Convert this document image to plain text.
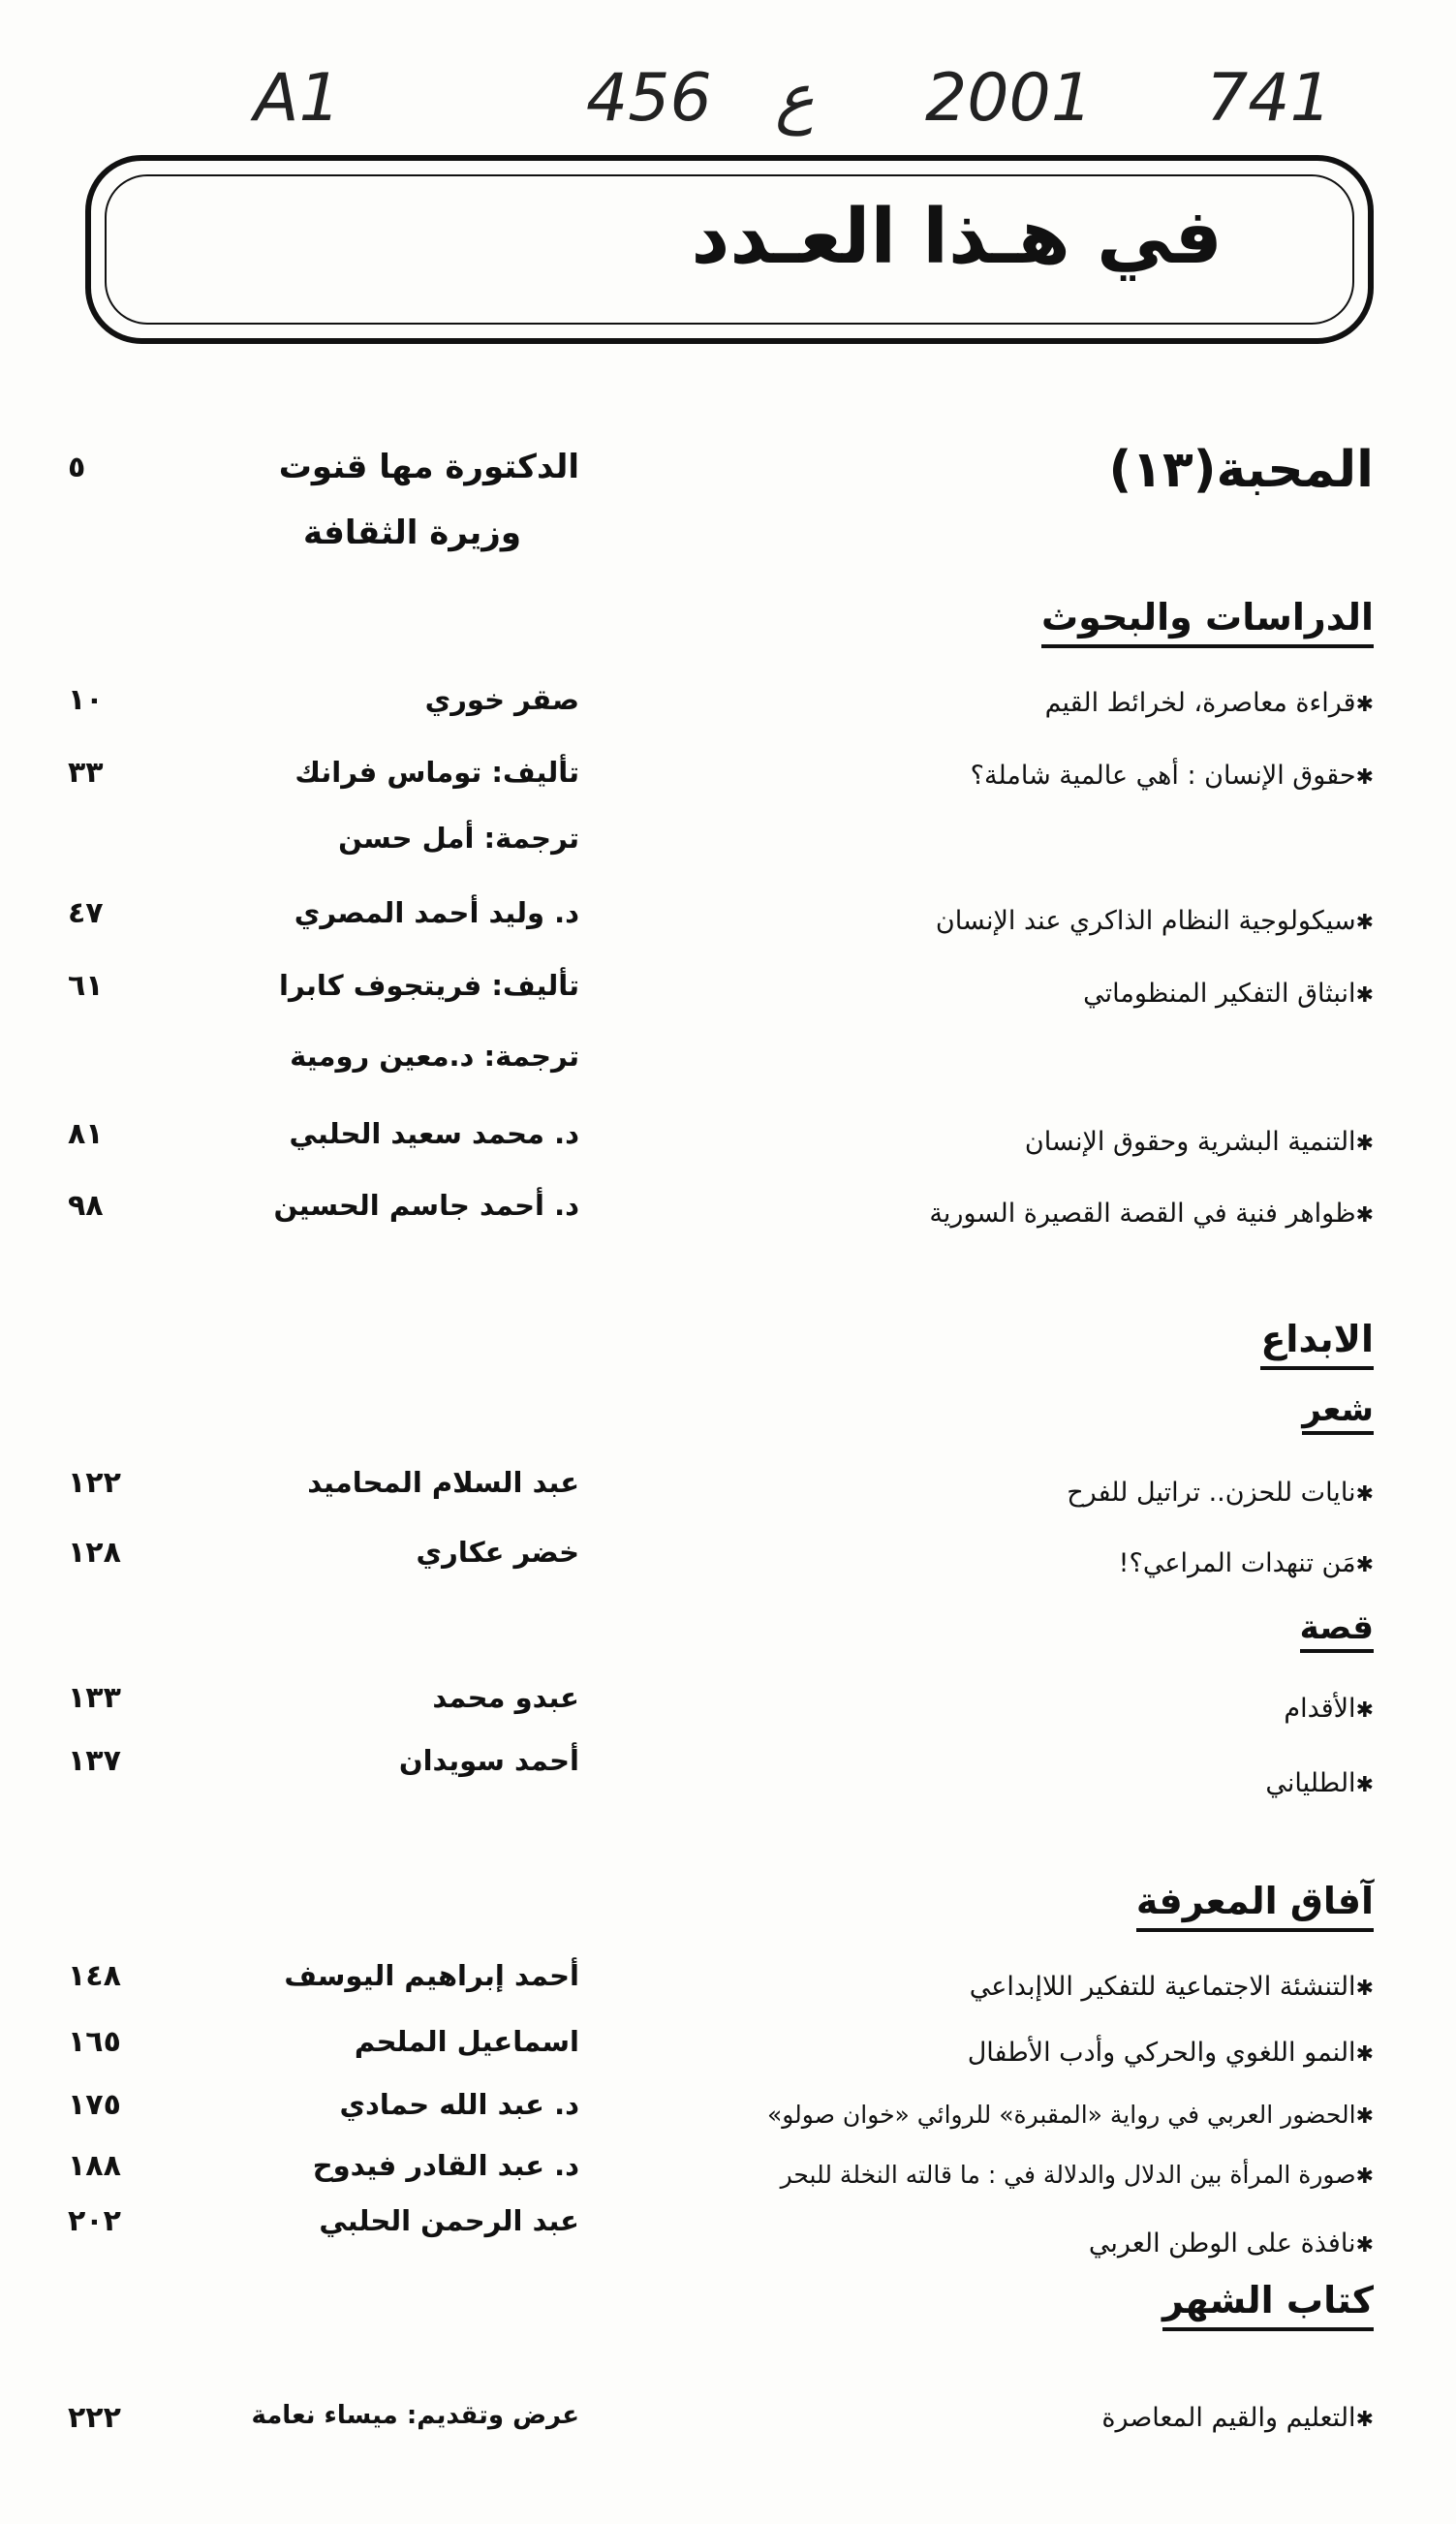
A1	456 ع 2001 741
في هـذا العـدد
المحبة(١٣)
الدكتورة مها قنوت
وزيرة الثقافة
٥
الدراسات والبحوث
✱ قراءة معاصرة، لخرائط القيم
صقر خوري
١٠
✱ حقوق الإنسان : أهي عالمية شاملة؟
تأليف: توماس فرانك
ترجمة: أمل حسن
٣٣
✱ سيكولوجية النظام الذاكري عند الإنسان
د. وليد أحمد المصري
٤٧
✱ انبثاق التفكير المنظوماتي
تأليف: فريتجوف كابرا
ترجمة: د.معين رومية
٦١
✱ التنمية البشرية وحقوق الإنسان
د. محمد سعيد الحلبي
٨١
✱ ظواهر فنية في القصة القصيرة السورية
د. أحمد جاسم الحسين
٩٨
الابداع
شعر
✱ نايات للحزن.. تراتيل للفرح
عبد السلام المحاميد
١٢٢
✱ مَن تنهدات المراعي؟!
خضر عكاري
١٢٨
قصة
✱ الأقدام
عبدو محمد
١٣٣
✱ الطلياني
أحمد سويدان
١٣٧
آفاق المعرفة
✱ التنشئة الاجتماعية للتفكير اللاإبداعي
أحمد إبراهيم اليوسف
١٤٨
✱ النمو اللغوي والحركي وأدب الأطفال
اسماعيل الملحم
١٦٥
✱ الحضور العربي في رواية «المقبرة» للروائي «خوان صولو»
د. عبد الله حمادي
١٧٥
✱ صورة المرأة بين الدلال والدلالة في : ما قالته النخلة للبحر
د. عبد القادر فيدوح
١٨٨
✱ نافذة على الوطن العربي
عبد الرحمن الحلبي
٢٠٢
كتاب الشهر
✱ التعليم والقيم المعاصرة
عرض وتقديم: ميساء نعامة
٢٢٢
